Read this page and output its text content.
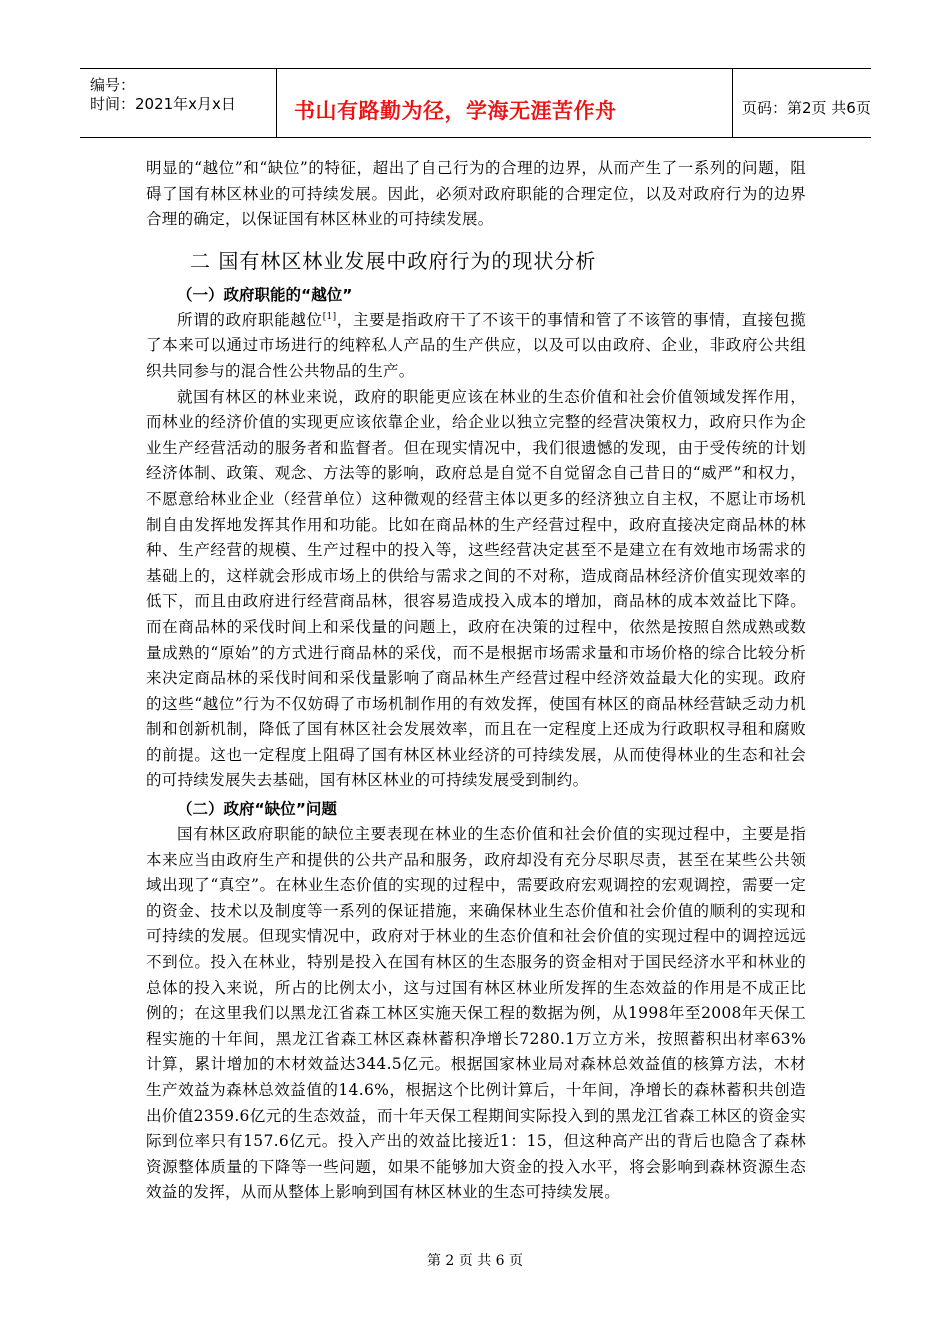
编号：
时间：2021年x月x日	书山有路勤为径，学海无涯苦作舟	页码：第2页 共6页

明显的“越位”和“缺位”的特征，超出了自己行为的合理的边界，从而产生了一系列的问题，阻碍了国有林区林业的可持续发展。因此，必须对政府职能的合理定位，以及对政府行为的边界合理的确定，以保证国有林区林业的可持续发展。

二 国有林区林业发展中政府行为的现状分析
（一）政府职能的“越位”

所谓的政府职能越位[1]，主要是指政府干了不该干的事情和管了不该管的事情，直接包揽了本来可以通过市场进行的纯粹私人产品的生产供应，以及可以由政府、企业，非政府公共组织共同参与的混合性公共物品的生产。

就国有林区的林业来说，政府的职能更应该在林业的生态价值和社会价值领域发挥作用，而林业的经济价值的实现更应该依靠企业，给企业以独立完整的经营决策权力，政府只作为企业生产经营活动的服务者和监督者。但在现实情况中，我们很遗憾的发现，由于受传统的计划经济体制、政策、观念、方法等的影响，政府总是自觉不自觉留念自己昔日的“威严”和权力，不愿意给林业企业（经营单位）这种微观的经营主体以更多的经济独立自主权，不愿让市场机制自由发挥地发挥其作用和功能。比如在商品林的生产经营过程中，政府直接决定商品林的林种、生产经营的规模、生产过程中的投入等，这些经营决定甚至不是建立在有效地市场需求的基础上的，这样就会形成市场上的供给与需求之间的不对称，造成商品林经济价值实现效率的低下，而且由政府进行经营商品林，很容易造成投入成本的增加，商品林的成本效益比下降。而在商品林的采伐时间上和采伐量的问题上，政府在决策的过程中，依然是按照自然成熟或数量成熟的“原始”的方式进行商品林的采伐，而不是根据市场需求量和市场价格的综合比较分析来决定商品林的采伐时间和采伐量影响了商品林生产经营过程中经济效益最大化的实现。政府的这些“越位”行为不仅妨碍了市场机制作用的有效发挥，使国有林区的商品林经营缺乏动力机制和创新机制，降低了国有林区社会发展效率，而且在一定程度上还成为行政职权寻租和腐败的前提。这也一定程度上阻碍了国有林区林业经济的可持续发展，从而使得林业的生态和社会的可持续发展失去基础，国有林区林业的可持续发展受到制约。

（二）政府“缺位”问题

国有林区政府职能的缺位主要表现在林业的生态价值和社会价值的实现过程中，主要是指本来应当由政府生产和提供的公共产品和服务，政府却没有充分尽职尽责，甚至在某些公共领域出现了“真空”。在林业生态价值的实现的过程中，需要政府宏观调控的宏观调控，需要一定的资金、技术以及制度等一系列的保证措施，来确保林业生态价值和社会价值的顺利的实现和可持续的发展。但现实情况中，政府对于林业的生态价值和社会价值的实现过程中的调控远远不到位。投入在林业，特别是投入在国有林区的生态服务的资金相对于国民经济水平和林业的总体的投入来说，所占的比例太小，这与过国有林区林业所发挥的生态效益的作用是不成正比例的；在这里我们以黑龙江省森工林区实施天保工程的数据为例，从1998年至2008年天保工程实施的十年间，黑龙江省森工林区森林蓄积净增长7280.1万立方米，按照蓄积出材率63%计算，累计增加的木材效益达344.5亿元。根据国家林业局对森林总效益值的核算方法，木材生产效益为森林总效益值的14.6%，根据这个比例计算后，十年间，净增长的森林蓄积共创造出价值2359.6亿元的生态效益，而十年天保工程期间实际投入到的黑龙江省森工林区的资金实际到位率只有157.6亿元。投入产出的效益比接近1：15，但这种高产出的背后也隐含了森林资源整体质量的下降等一些问题，如果不能够加大资金的投入水平，将会影响到森林资源生态效益的发挥，从而从整体上影响到国有林区林业的生态可持续发展。

第 2 页 共 6 页
